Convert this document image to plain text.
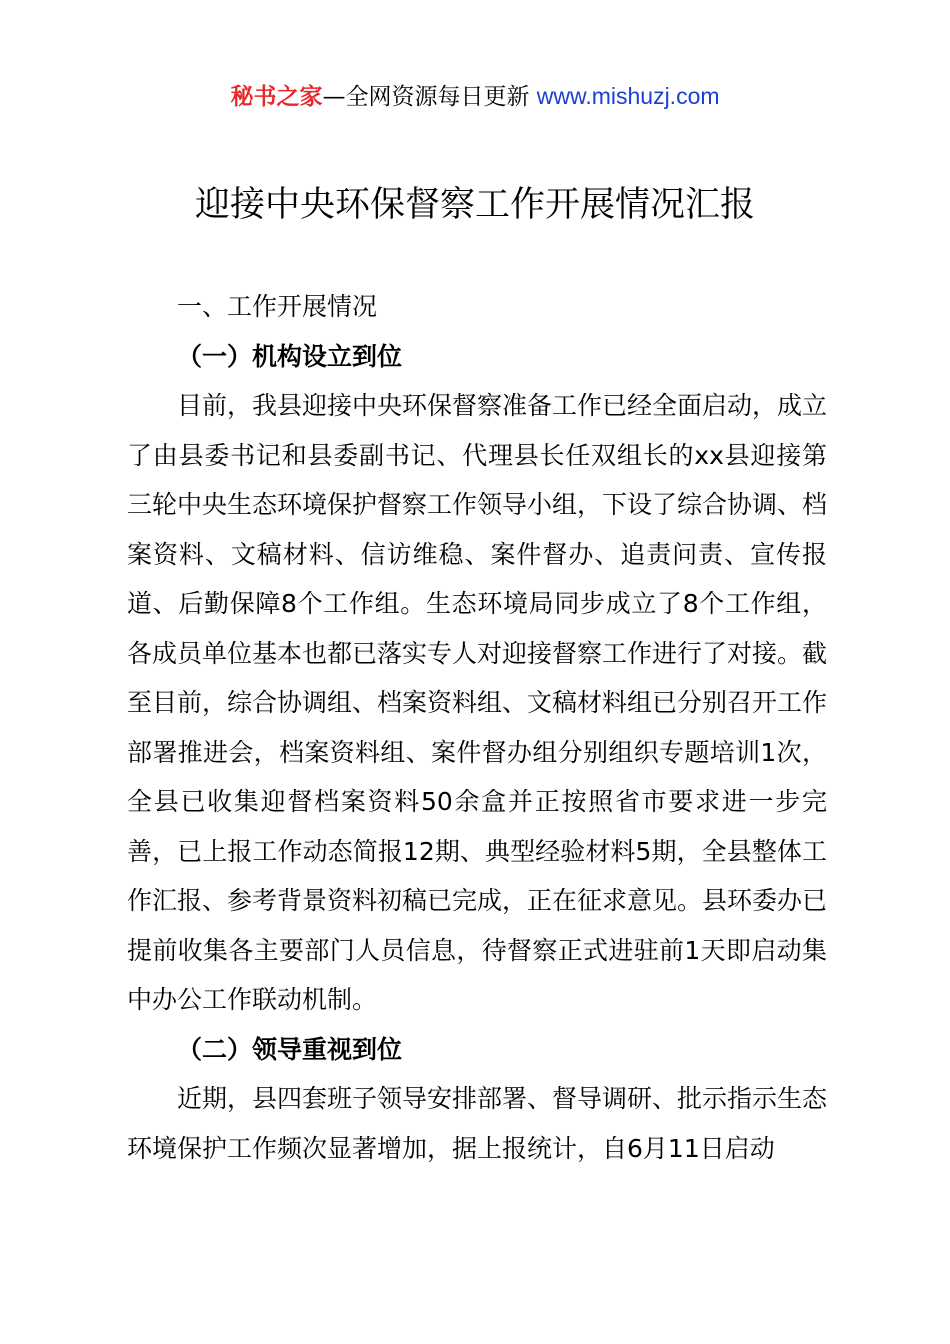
秘书之家—全网资源每日更新 www.mishuzj.com
迎接中央环保督察工作开展情况汇报

一、工作开展情况

（一）机构设立到位

目前，我县迎接中央环保督察准备工作已经全面启动，成立了由县委书记和县委副书记、代理县长任双组长的xx县迎接第三轮中央生态环境保护督察工作领导小组，下设了综合协调、档案资料、文稿材料、信访维稳、案件督办、追责问责、宣传报道、后勤保障8个工作组。生态环境局同步成立了8个工作组，各成员单位基本也都已落实专人对迎接督察工作进行了对接。截至目前，综合协调组、档案资料组、文稿材料组已分别召开工作部署推进会，档案资料组、案件督办组分别组织专题培训1次，全县已收集迎督档案资料50余盒并正按照省市要求进一步完善，已上报工作动态简报12期、典型经验材料5期，全县整体工作汇报、参考背景资料初稿已完成，正在征求意见。县环委办已提前收集各主要部门人员信息，待督察正式进驻前1天即启动集中办公工作联动机制。

（二）领导重视到位

近期，县四套班子领导安排部署、督导调研、批示指示生态环境保护工作频次显著增加，据上报统计，自6月11日启动
